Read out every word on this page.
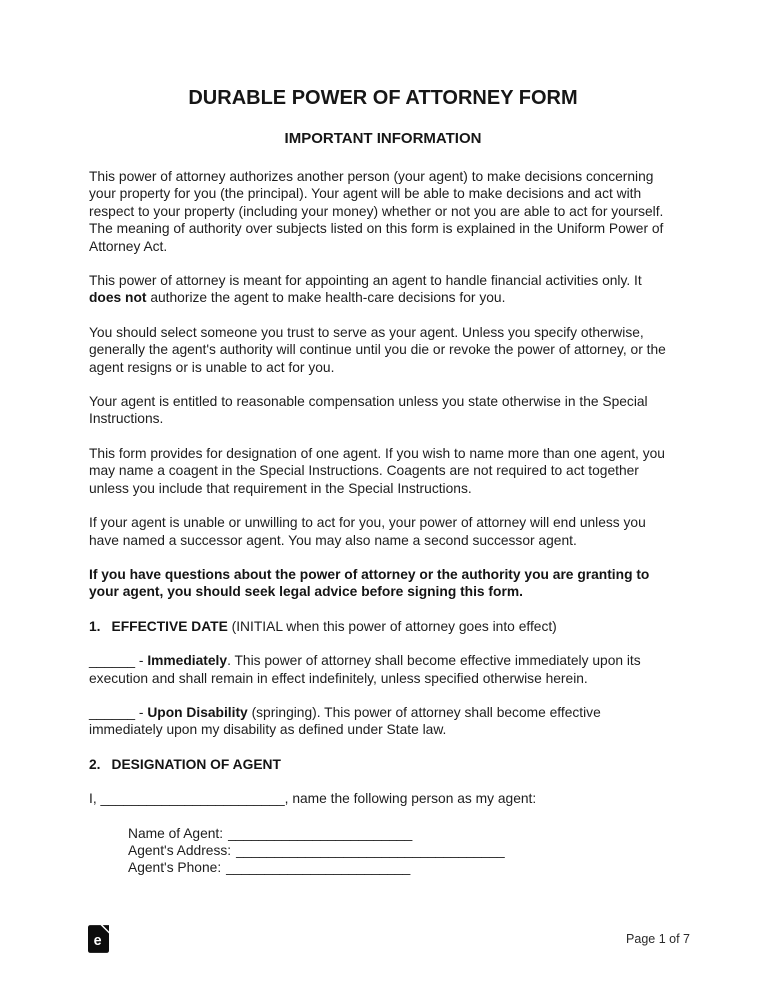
DURABLE POWER OF ATTORNEY FORM
IMPORTANT INFORMATION

This power of attorney authorizes another person (your agent) to make decisions concerning your property for you (the principal). Your agent will be able to make decisions and act with respect to your property (including your money) whether or not you are able to act for yourself. The meaning of authority over subjects listed on this form is explained in the Uniform Power of Attorney Act.

This power of attorney is meant for appointing an agent to handle financial activities only. It does not authorize the agent to make health-care decisions for you.

You should select someone you trust to serve as your agent. Unless you specify otherwise, generally the agent's authority will continue until you die or revoke the power of attorney, or the agent resigns or is unable to act for you.

Your agent is entitled to reasonable compensation unless you state otherwise in the Special Instructions.

This form provides for designation of one agent. If you wish to name more than one agent, you may name a coagent in the Special Instructions. Coagents are not required to act together unless you include that requirement in the Special Instructions.

If your agent is unable or unwilling to act for you, your power of attorney will end unless you have named a successor agent. You may also name a second successor agent.

If you have questions about the power of attorney or the authority you are granting to your agent, you should seek legal advice before signing this form.

1. EFFECTIVE DATE (INITIAL when this power of attorney goes into effect)

______ - Immediately. This power of attorney shall become effective immediately upon its execution and shall remain in effect indefinitely, unless specified otherwise herein.

______ - Upon Disability (springing). This power of attorney shall become effective immediately upon my disability as defined under State law.

2. DESIGNATION OF AGENT

I, ________________________, name the following person as my agent:

Name of Agent: ________________________
Agent's Address: ___________________________________
Agent's Phone: ________________________
e	Page 1 of 7
